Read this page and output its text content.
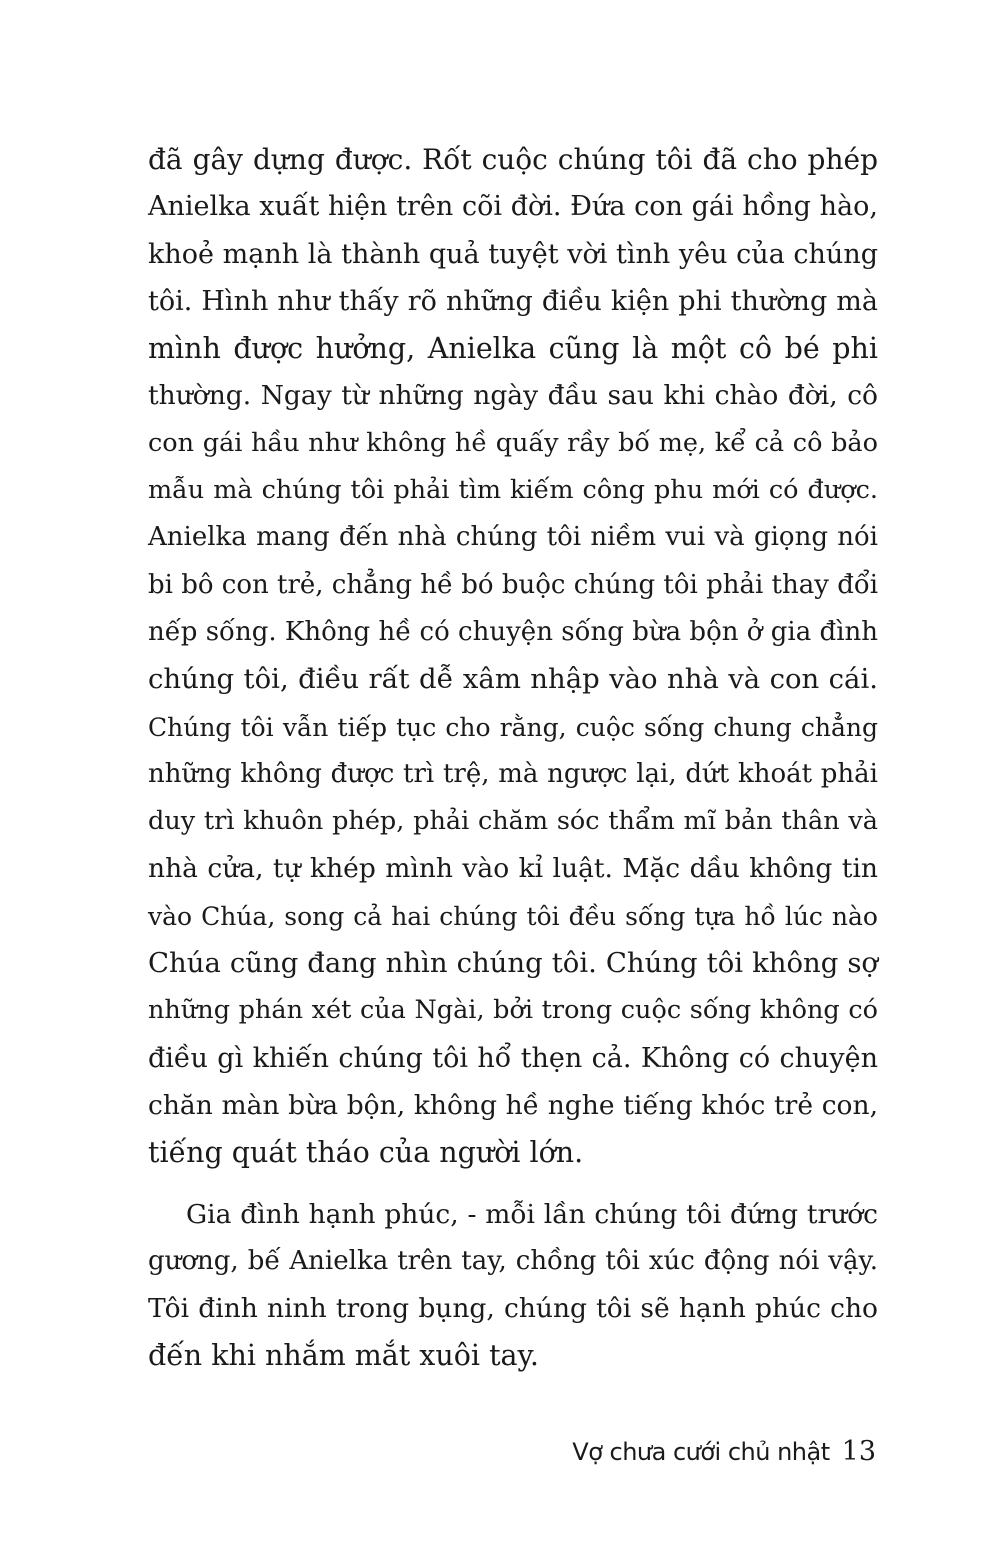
đã gây dựng được. Rốt cuộc chúng tôi đã cho phép
Anielka xuất hiện trên cõi đời. Đứa con gái hồng hào,
khoẻ mạnh là thành quả tuyệt vời tình yêu của chúng
tôi. Hình như thấy rõ những điều kiện phi thường mà
mình được hưởng, Anielka cũng là một cô bé phi
thường. Ngay từ những ngày đầu sau khi chào đời, cô
con gái hầu như không hề quấy rầy bố mẹ, kể cả cô bảo
mẫu mà chúng tôi phải tìm kiếm công phu mới có được.
Anielka mang đến nhà chúng tôi niềm vui và giọng nói
bi bô con trẻ, chẳng hề bó buộc chúng tôi phải thay đổi
nếp sống. Không hề có chuyện sống bừa bộn ở gia đình
chúng tôi, điều rất dễ xâm nhập vào nhà và con cái.
Chúng tôi vẫn tiếp tục cho rằng, cuộc sống chung chẳng
những không được trì trệ, mà ngược lại, dứt khoát phải
duy trì khuôn phép, phải chăm sóc thẩm mĩ bản thân và
nhà cửa, tự khép mình vào kỉ luật. Mặc dầu không tin
vào Chúa, song cả hai chúng tôi đều sống tựa hồ lúc nào
Chúa cũng đang nhìn chúng tôi. Chúng tôi không sợ
những phán xét của Ngài, bởi trong cuộc sống không có
điều gì khiến chúng tôi hổ thẹn cả. Không có chuyện
chăn màn bừa bộn, không hề nghe tiếng khóc trẻ con,
tiếng quát tháo của người lớn.
Gia đình hạnh phúc, - mỗi lần chúng tôi đứng trước
gương, bế Anielka trên tay, chồng tôi xúc động nói vậy.
Tôi đinh ninh trong bụng, chúng tôi sẽ hạnh phúc cho
đến khi nhắm mắt xuôi tay.
Vợ chưa cưới chủ nhật 13
